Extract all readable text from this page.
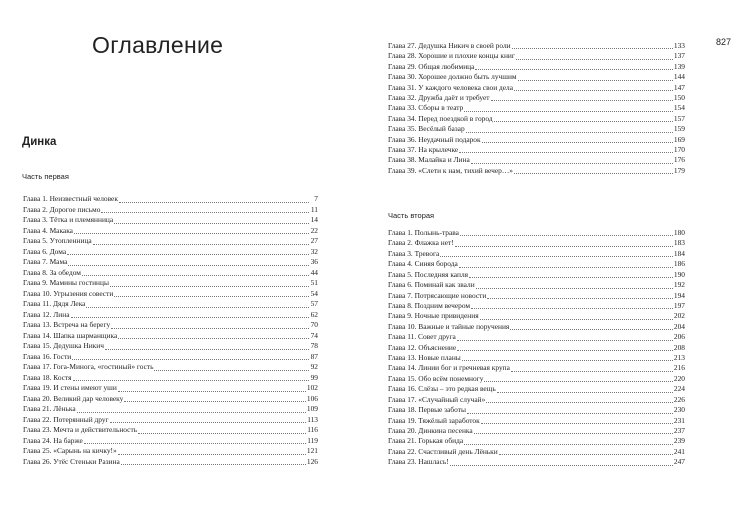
Оглавление
Динка
Часть первая
Глава 1. Неизвестный человек	7
Глава 2. Дорогое письмо	11
Глава 3. Тётка и племянница	14
Глава 4. Макака	22
Глава 5. Утопленница	27
Глава 6. Дома	32
Глава 7. Мама	36
Глава 8. За обедом	44
Глава 9. Мамины гостинцы	51
Глава 10. Угрызения совести	54
Глава 11. Дядя Лека	57
Глава 12. Лина	62
Глава 13. Встреча на берегу	70
Глава 14. Шапка шарманщика	74
Глава 15. Дедушка Никич	78
Глава 16. Гости	87
Глава 17. Гога-Миногa, «гостиный» гость	92
Глава 18. Костя	99
Глава 19. И стены имеют уши	102
Глава 20. Великий дар человеку	106
Глава 21. Лёнька	109
Глава 22. Потерянный друг	113
Глава 23. Мечта и действительность	116
Глава 24. На барже	119
Глава 25. «Сарынь на кичку!»	121
Глава 26. Утёс Стеньки Разина	126
827
Глава 27. Дедушка Никич в своей роли	133
Глава 28. Хорошие и плохие концы книг	137
Глава 29. Общая любимица	139
Глава 30. Хорошее должно быть лучшим	144
Глава 31. У каждого человека свои дела	147
Глава 32. Дружба даёт и требует	150
Глава 33. Сборы в театр	154
Глава 34. Перед поездкой в город	157
Глава 35. Весёлый базар	159
Глава 36. Неудачный подарок	169
Глава 37. На крылечке	170
Глава 38. Малайка и Лина	176
Глава 39. «Слети к нам, тихий вечер…»	179
Часть вторая
Глава 1. Полынь-трава	180
Глава 2. Флажка нет!	183
Глава 3. Тревога	184
Глава 4. Синяя борода	186
Глава 5. Последняя капля	190
Глава 6. Поминай как звали	192
Глава 7. Потрясающие новости	194
Глава 8. Поздним вечером	197
Глава 9. Ночные привидения	202
Глава 10. Важные и тайные поручения	204
Глава 11. Совет друга	206
Глава 12. Объяснение	208
Глава 13. Новые планы	213
Глава 14. Линии бог и гречневая крупа	216
Глава 15. Обо всём понемногу	220
Глава 16. Слёзы – это редкая вещь	224
Глава 17. «Случайный случай»	226
Глава 18. Первые заботы	230
Глава 19. Тяжёлый заработок	231
Глава 20. Динкина песенка	237
Глава 21. Горькая обида	239
Глава 22. Счастливый день Лёньки	241
Глава 23. Нашлась!	247
